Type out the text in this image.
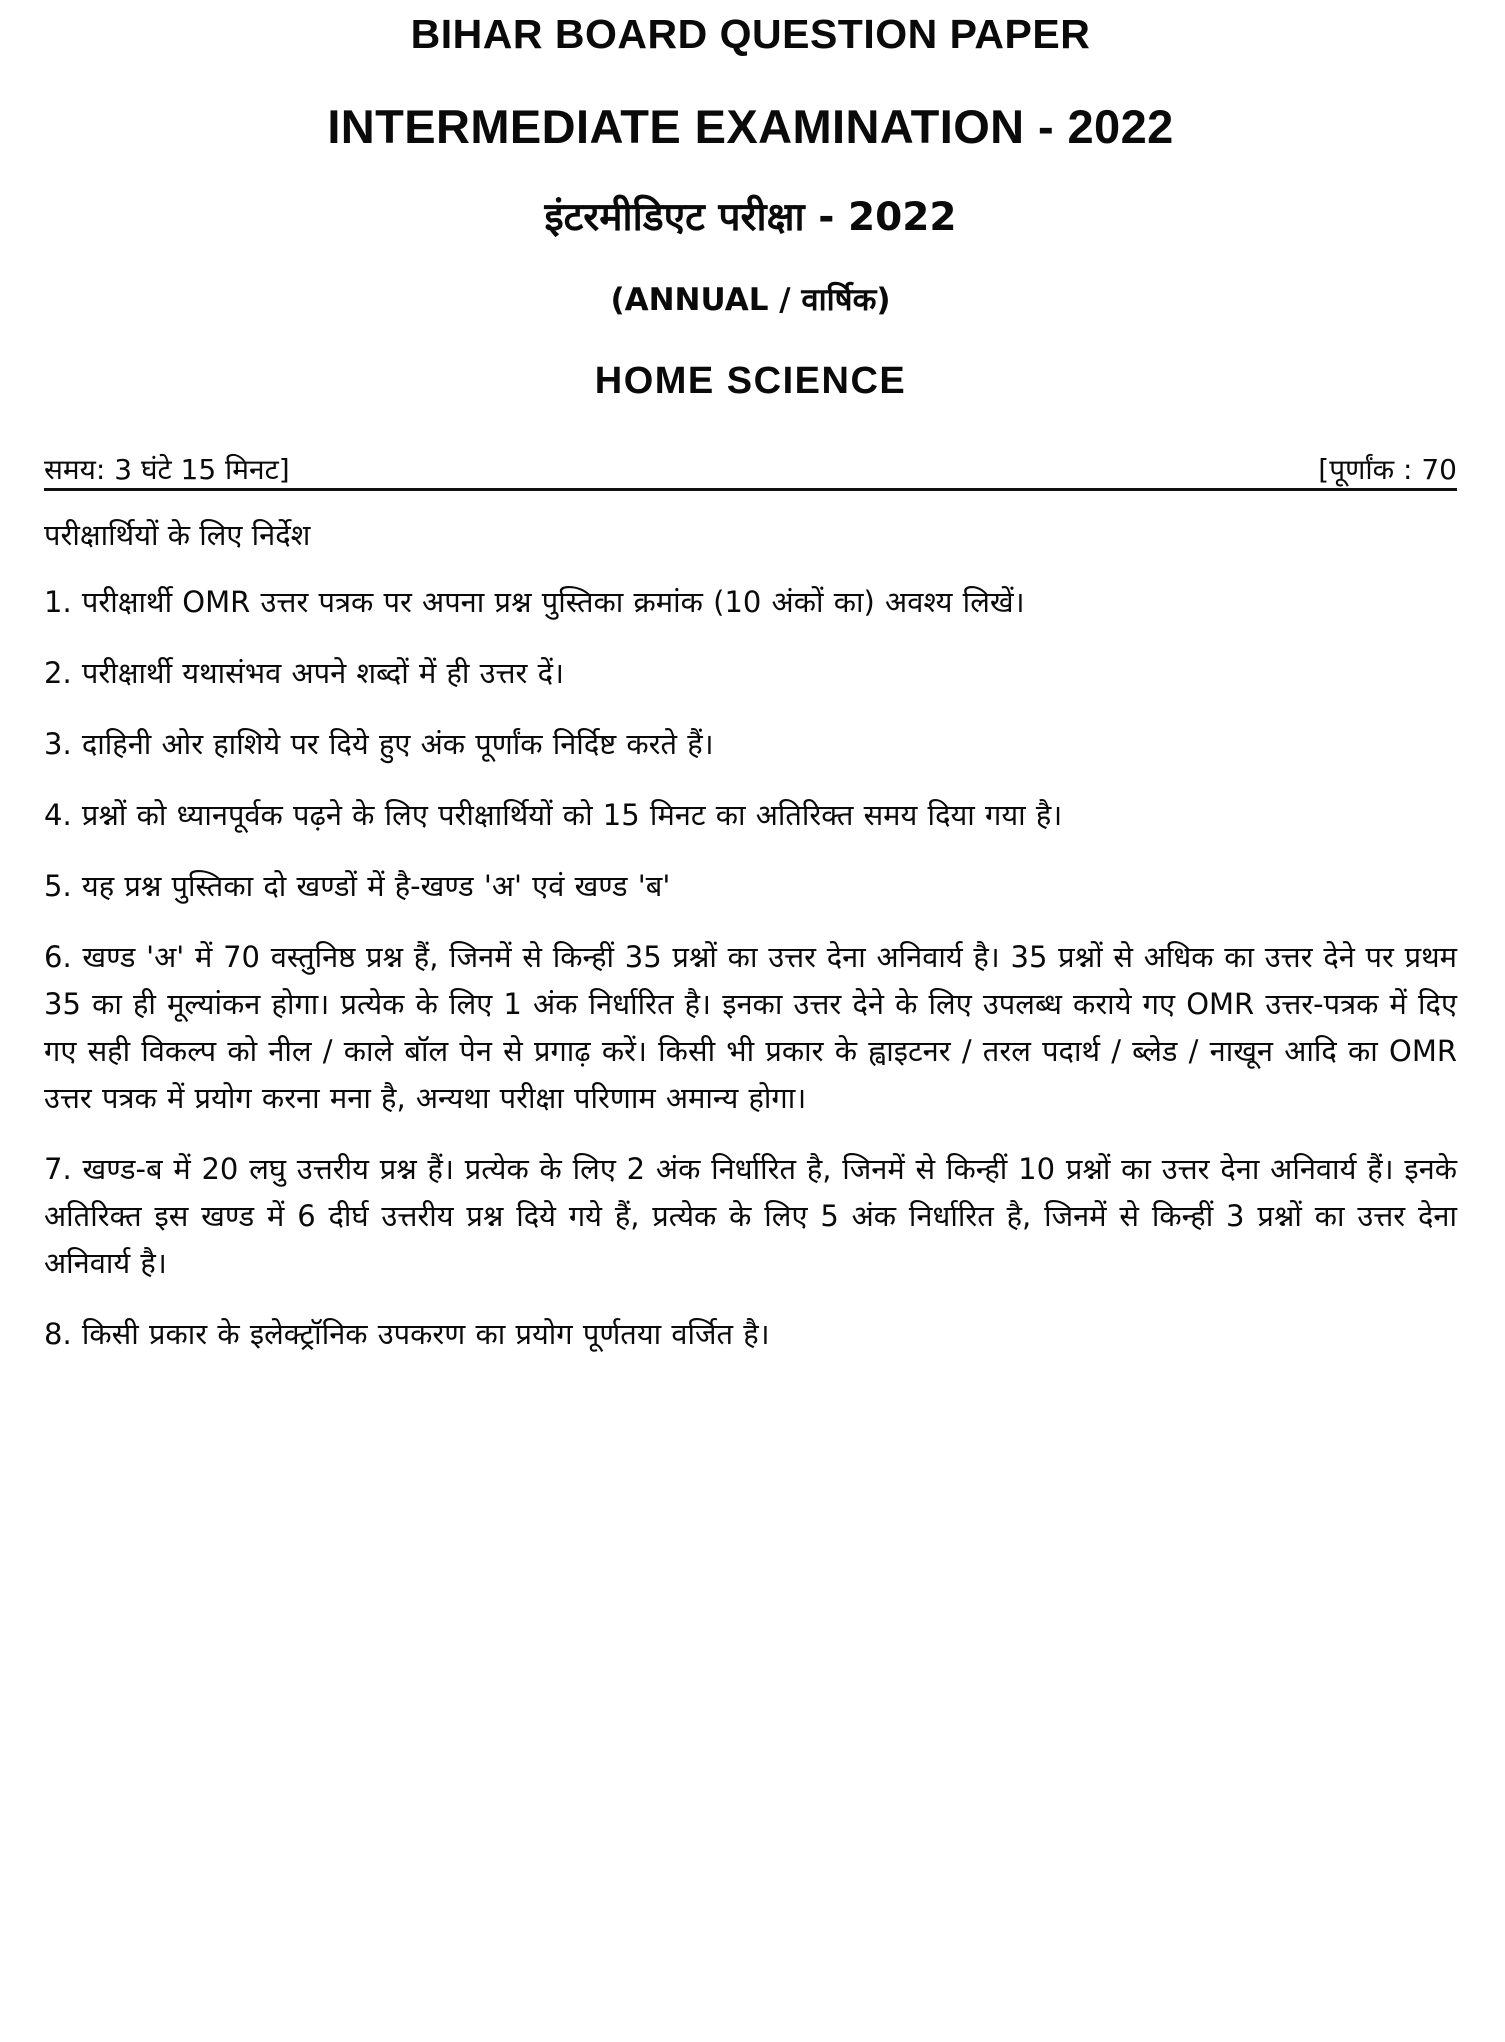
BIHAR BOARD QUESTION PAPER
INTERMEDIATE EXAMINATION - 2022
इंटरमीडिएट परीक्षा - 2022
(ANNUAL / वार्षिक)
HOME SCIENCE
समय: 3 घंटे 15 मिनट]	[पूर्णांक : 70
परीक्षार्थियों के लिए निर्देश
1. परीक्षार्थी OMR उत्तर पत्रक पर अपना प्रश्न पुस्तिका क्रमांक (10 अंकों का) अवश्य लिखें।
2. परीक्षार्थी यथासंभव अपने शब्दों में ही उत्तर दें।
3. दाहिनी ओर हाशिये पर दिये हुए अंक पूर्णांक निर्दिष्ट करते हैं।
4. प्रश्नों को ध्यानपूर्वक पढ़ने के लिए परीक्षार्थियों को 15 मिनट का अतिरिक्त समय दिया गया है।
5. यह प्रश्न पुस्तिका दो खण्डों में है-खण्ड 'अ' एवं खण्ड 'ब'
6. खण्ड 'अ' में 70 वस्तुनिष्ठ प्रश्न हैं, जिनमें से किन्हीं 35 प्रश्नों का उत्तर देना अनिवार्य है। 35 प्रश्नों से अधिक का उत्तर देने पर प्रथम 35 का ही मूल्यांकन होगा। प्रत्येक के लिए 1 अंक निर्धारित है। इनका उत्तर देने के लिए उपलब्ध कराये गए OMR उत्तर-पत्रक में दिए गए सही विकल्प को नील / काले बॉल पेन से प्रगाढ़ करें। किसी भी प्रकार के ह्वाइटनर / तरल पदार्थ / ब्लेड / नाखून आदि का OMR उत्तर पत्रक में प्रयोग करना मना है, अन्यथा परीक्षा परिणाम अमान्य होगा।
7. खण्ड-ब में 20 लघु उत्तरीय प्रश्न हैं। प्रत्येक के लिए 2 अंक निर्धारित है, जिनमें से किन्हीं 10 प्रश्नों का उत्तर देना अनिवार्य हैं। इनके अतिरिक्त इस खण्ड में 6 दीर्घ उत्तरीय प्रश्न दिये गये हैं, प्रत्येक के लिए 5 अंक निर्धारित है, जिनमें से किन्हीं 3 प्रश्नों का उत्तर देना अनिवार्य है।
8. किसी प्रकार के इलेक्ट्रॉनिक उपकरण का प्रयोग पूर्णतया वर्जित है।
